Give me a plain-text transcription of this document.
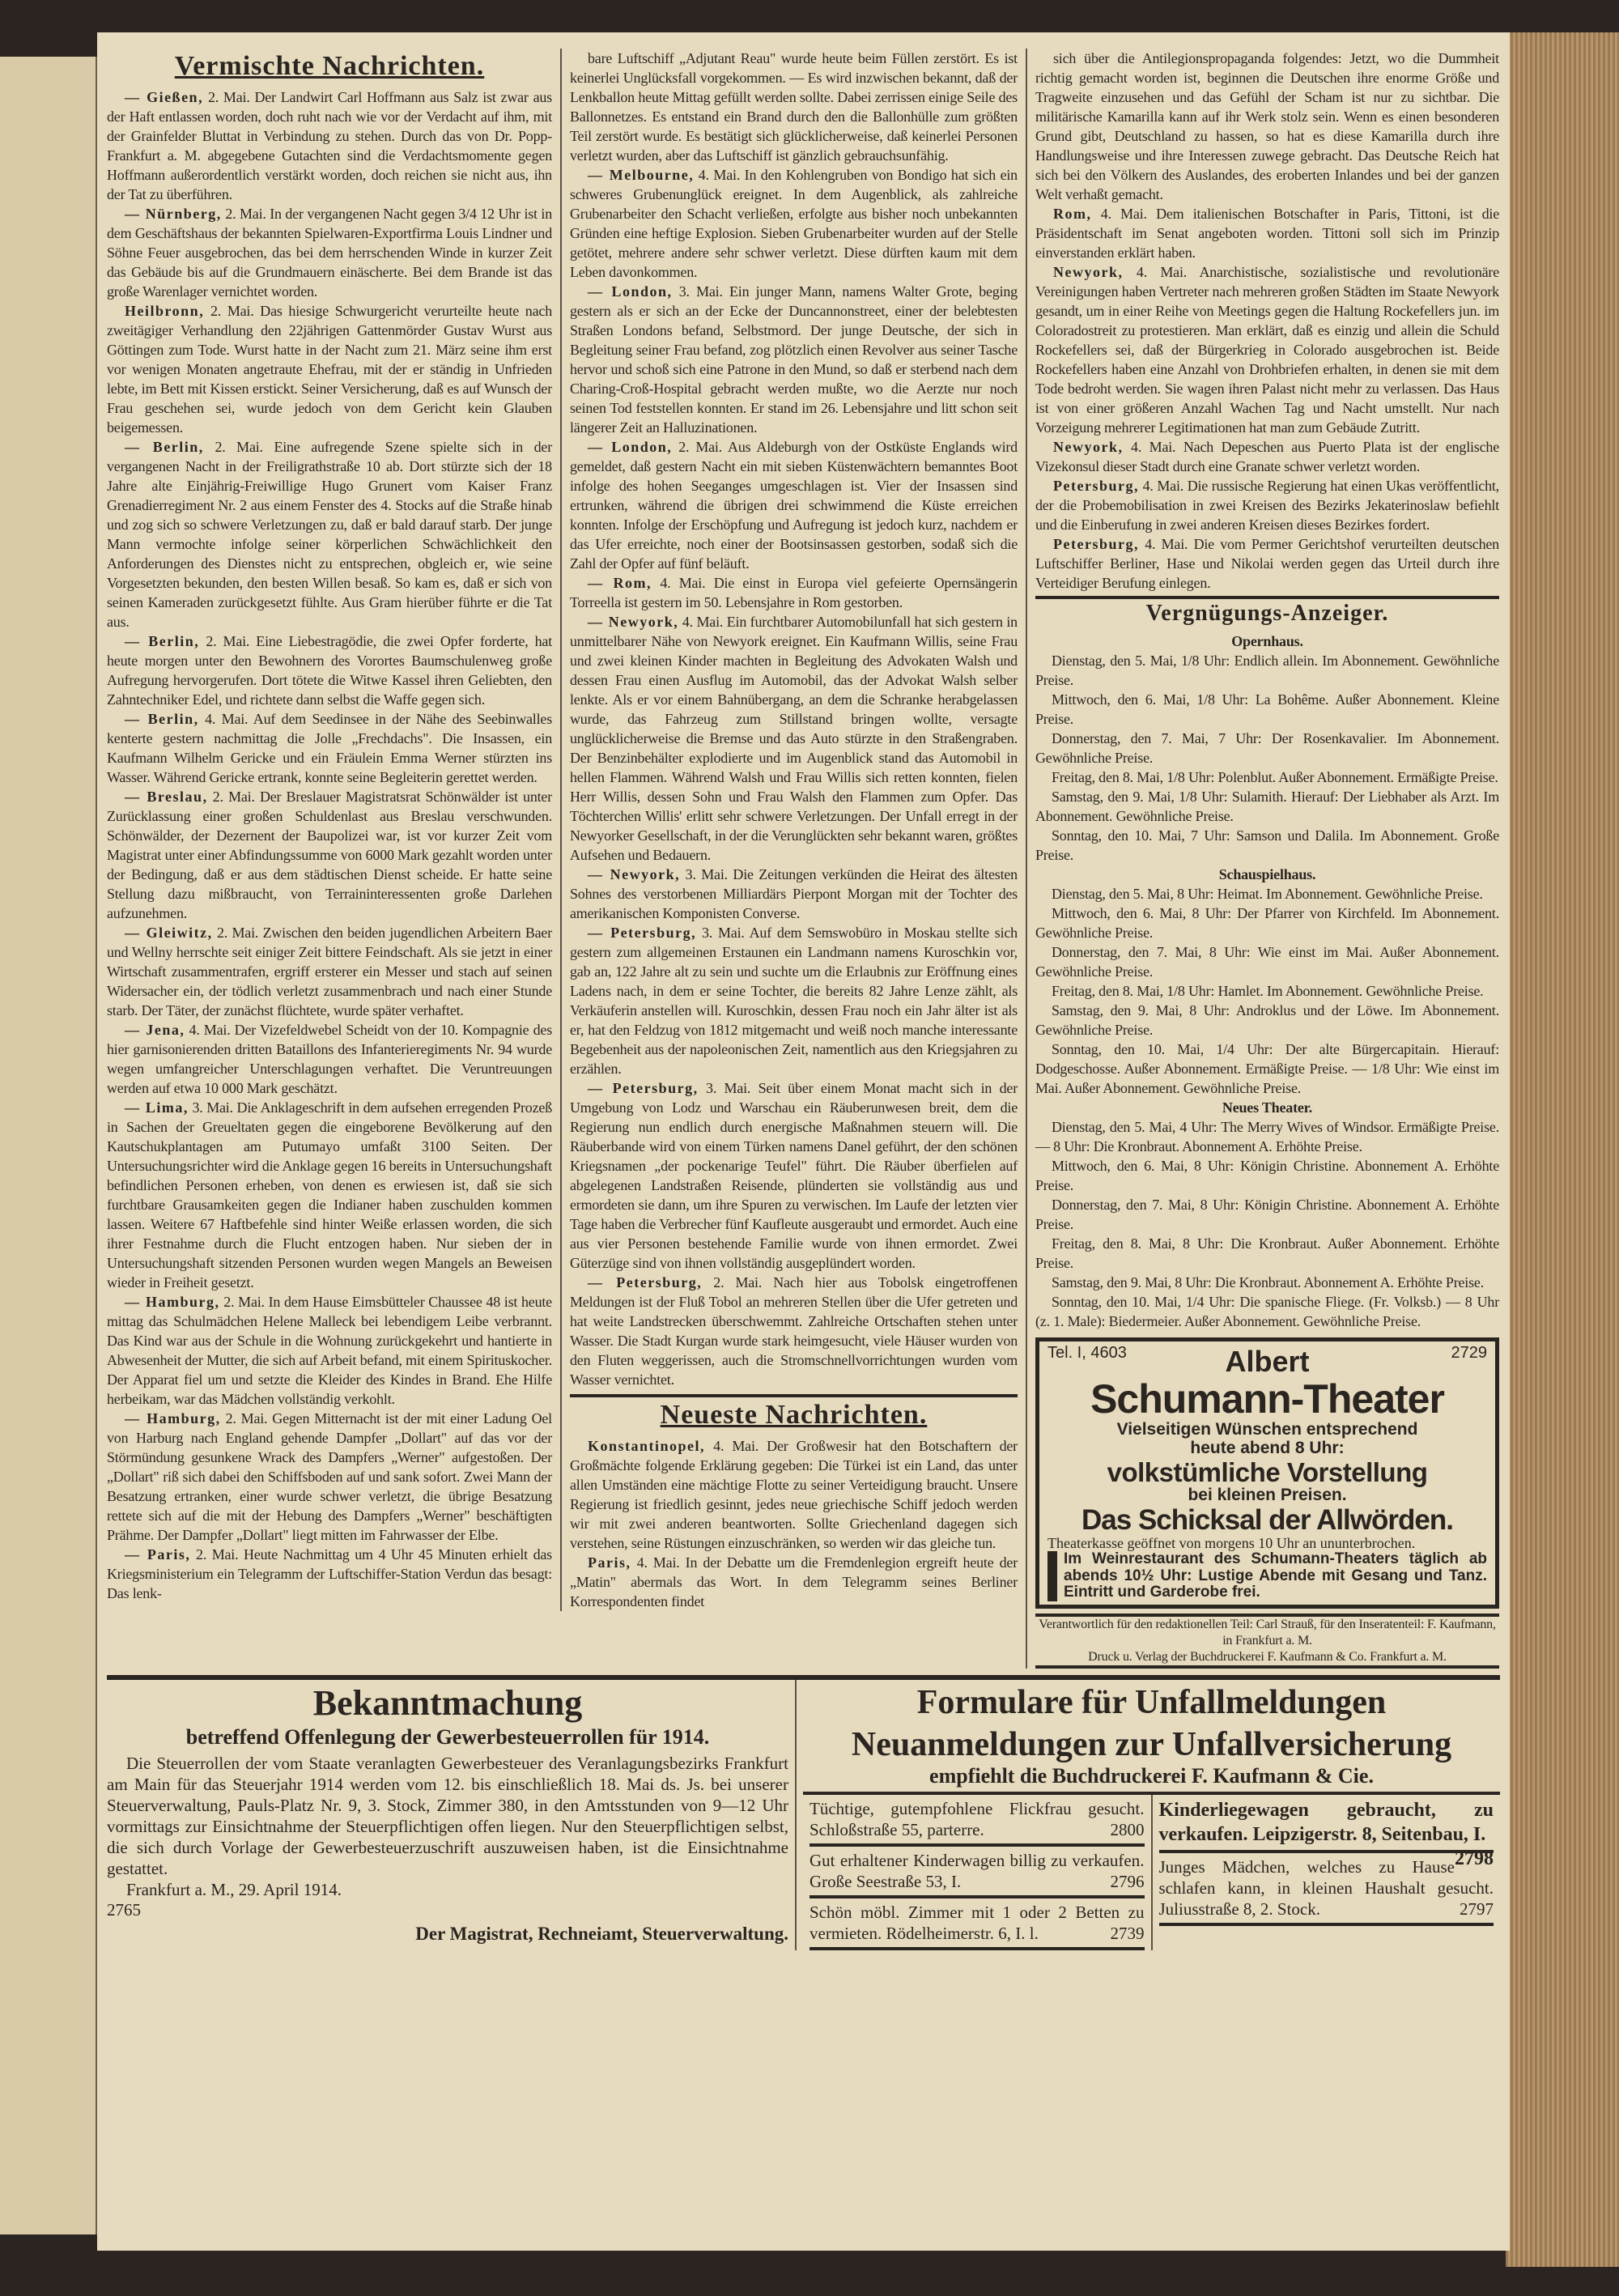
Vermischte Nachrichten.

— Gießen, 2. Mai. Der Landwirt Carl Hoffmann aus Salz ist zwar aus der Haft entlassen worden, doch ruht nach wie vor der Verdacht auf ihm, mit der Grainfelder Bluttat in Verbindung zu stehen. Durch das von Dr. Popp-Frankfurt a. M. abgegebene Gutachten sind die Verdachtsmomente gegen Hoffmann außerordentlich verstärkt worden, doch reichen sie nicht aus, ihn der Tat zu überführen.

— Nürnberg, 2. Mai. In der vergangenen Nacht gegen 3/4 12 Uhr ist in dem Geschäftshaus der bekannten Spielwaren-Exportfirma Louis Lindner und Söhne Feuer ausgebrochen, das bei dem herrschenden Winde in kurzer Zeit das Gebäude bis auf die Grundmauern einäscherte. Bei dem Brande ist das große Warenlager vernichtet worden.

Heilbronn, 2. Mai. Das hiesige Schwurgericht verurteilte heute nach zweitägiger Verhandlung den 22jährigen Gattenmörder Gustav Wurst aus Göttingen zum Tode. Wurst hatte in der Nacht zum 21. März seine ihm erst vor wenigen Monaten angetraute Ehefrau, mit der er ständig in Unfrieden lebte, im Bett mit Kissen erstickt. Seiner Versicherung, daß es auf Wunsch der Frau geschehen sei, wurde jedoch von dem Gericht kein Glauben beigemessen.

— Berlin, 2. Mai. Eine aufregende Szene spielte sich in der vergangenen Nacht in der Freiligrathstraße 10 ab. Dort stürzte sich der 18 Jahre alte Einjährig-Freiwillige Hugo Grunert vom Kaiser Franz Grenadierregiment Nr. 2 aus einem Fenster des 4. Stocks auf die Straße hinab und zog sich so schwere Verletzungen zu, daß er bald darauf starb. Der junge Mann vermochte infolge seiner körperlichen Schwächlichkeit den Anforderungen des Dienstes nicht zu entsprechen, obgleich er, wie seine Vorgesetzten bekunden, den besten Willen besaß. So kam es, daß er sich von seinen Kameraden zurückgesetzt fühlte. Aus Gram hierüber führte er die Tat aus.

— Berlin, 2. Mai. Eine Liebestragödie, die zwei Opfer forderte, hat heute morgen unter den Bewohnern des Vorortes Baumschulenweg große Aufregung hervorgerufen. Dort tötete die Witwe Kassel ihren Geliebten, den Zahntechniker Edel, und richtete dann selbst die Waffe gegen sich.

— Berlin, 4. Mai. Auf dem Seedinsee in der Nähe des Seebinwalles kenterte gestern nachmittag die Jolle „Frechdachs". Die Insassen, ein Kaufmann Wilhelm Gericke und ein Fräulein Emma Werner stürzten ins Wasser. Während Gericke ertrank, konnte seine Begleiterin gerettet werden.

— Breslau, 2. Mai. Der Breslauer Magistratsrat Schönwälder ist unter Zurücklassung einer großen Schuldenlast aus Breslau verschwunden. Schönwälder, der Dezernent der Baupolizei war, ist vor kurzer Zeit vom Magistrat unter einer Abfindungssumme von 6000 Mark gezahlt worden unter der Bedingung, daß er aus dem städtischen Dienst scheide. Er hatte seine Stellung dazu mißbraucht, von Terraininteressenten große Darlehen aufzunehmen.

— Gleiwitz, 2. Mai. Zwischen den beiden jugendlichen Arbeitern Baer und Wellny herrschte seit einiger Zeit bittere Feindschaft. Als sie jetzt in einer Wirtschaft zusammentrafen, ergriff ersterer ein Messer und stach auf seinen Widersacher ein, der tödlich verletzt zusammenbrach und nach einer Stunde starb. Der Täter, der zunächst flüchtete, wurde später verhaftet.

— Jena, 4. Mai. Der Vizefeldwebel Scheidt von der 10. Kompagnie des hier garnisonierenden dritten Bataillons des Infanterieregiments Nr. 94 wurde wegen umfangreicher Unterschlagungen verhaftet. Die Veruntreuungen werden auf etwa 10 000 Mark geschätzt.

— Lima, 3. Mai. Die Anklageschrift in dem aufsehen erregenden Prozeß in Sachen der Greueltaten gegen die eingeborene Bevölkerung auf den Kautschukplantagen am Putumayo umfaßt 3100 Seiten. Der Untersuchungsrichter wird die Anklage gegen 16 bereits in Untersuchungshaft befindlichen Personen erheben, von denen es erwiesen ist, daß sie sich furchtbare Grausamkeiten gegen die Indianer haben zuschulden kommen lassen. Weitere 67 Haftbefehle sind hinter Weiße erlassen worden, die sich ihrer Festnahme durch die Flucht entzogen haben. Nur sieben der in Untersuchungshaft sitzenden Personen wurden wegen Mangels an Beweisen wieder in Freiheit gesetzt.

— Hamburg, 2. Mai. In dem Hause Eimsbütteler Chaussee 48 ist heute mittag das Schulmädchen Helene Malleck bei lebendigem Leibe verbrannt. Das Kind war aus der Schule in die Wohnung zurückgekehrt und hantierte in Abwesenheit der Mutter, die sich auf Arbeit befand, mit einem Spirituskocher. Der Apparat fiel um und setzte die Kleider des Kindes in Brand. Ehe Hilfe herbeikam, war das Mädchen vollständig verkohlt.

— Hamburg, 2. Mai. Gegen Mitternacht ist der mit einer Ladung Oel von Harburg nach England gehende Dampfer „Dollart" auf das vor der Störmündung gesunkene Wrack des Dampfers „Werner" aufgestoßen. Der „Dollart" riß sich dabei den Schiffsboden auf und sank sofort. Zwei Mann der Besatzung ertranken, einer wurde schwer verletzt, die übrige Besatzung rettete sich auf die mit der Hebung des Dampfers „Werner" beschäftigten Prähme. Der Dampfer „Dollart" liegt mitten im Fahrwasser der Elbe.

— Paris, 2. Mai. Heute Nachmittag um 4 Uhr 45 Minuten erhielt das Kriegsministerium ein Telegramm der Luftschiffer-Station Verdun das besagt: Das lenk-

bare Luftschiff „Adjutant Reau" wurde heute beim Füllen zerstört. Es ist keinerlei Unglücksfall vorgekommen. — Es wird inzwischen bekannt, daß der Lenkballon heute Mittag gefüllt werden sollte. Dabei zerrissen einige Seile des Ballonnetzes. Es entstand ein Brand durch den die Ballonhülle zum größten Teil zerstört wurde. Es bestätigt sich glücklicherweise, daß keinerlei Personen verletzt wurden, aber das Luftschiff ist gänzlich gebrauchsunfähig.

— Melbourne, 4. Mai. In den Kohlengruben von Bondigo hat sich ein schweres Grubenunglück ereignet. In dem Augenblick, als zahlreiche Grubenarbeiter den Schacht verließen, erfolgte aus bisher noch unbekannten Gründen eine heftige Explosion. Sieben Grubenarbeiter wurden auf der Stelle getötet, mehrere andere sehr schwer verletzt. Diese dürften kaum mit dem Leben davonkommen.

— London, 3. Mai. Ein junger Mann, namens Walter Grote, beging gestern als er sich an der Ecke der Duncannonstreet, einer der belebtesten Straßen Londons befand, Selbstmord. Der junge Deutsche, der sich in Begleitung seiner Frau befand, zog plötzlich einen Revolver aus seiner Tasche hervor und schoß sich eine Patrone in den Mund, so daß er sterbend nach dem Charing-Croß-Hospital gebracht werden mußte, wo die Aerzte nur noch seinen Tod feststellen konnten. Er stand im 26. Lebensjahre und litt schon seit längerer Zeit an Halluzinationen.

— London, 2. Mai. Aus Aldeburgh von der Ostküste Englands wird gemeldet, daß gestern Nacht ein mit sieben Küstenwächtern bemanntes Boot infolge des hohen Seeganges umgeschlagen ist. Vier der Insassen sind ertrunken, während die übrigen drei schwimmend die Küste erreichen konnten. Infolge der Erschöpfung und Aufregung ist jedoch kurz, nachdem er das Ufer erreichte, noch einer der Bootsinsassen gestorben, sodaß sich die Zahl der Opfer auf fünf beläuft.

— Rom, 4. Mai. Die einst in Europa viel gefeierte Opernsängerin Torreella ist gestern im 50. Lebensjahre in Rom gestorben.

— Newyork, 4. Mai. Ein furchtbarer Automobilunfall hat sich gestern in unmittelbarer Nähe von Newyork ereignet. Ein Kaufmann Willis, seine Frau und zwei kleinen Kinder machten in Begleitung des Advokaten Walsh und dessen Frau einen Ausflug im Automobil, das der Advokat Walsh selber lenkte. Als er vor einem Bahnübergang, an dem die Schranke herabgelassen wurde, das Fahrzeug zum Stillstand bringen wollte, versagte unglücklicherweise die Bremse und das Auto stürzte in den Straßengraben. Der Benzinbehälter explodierte und im Augenblick stand das Automobil in hellen Flammen. Während Walsh und Frau Willis sich retten konnten, fielen Herr Willis, dessen Sohn und Frau Walsh den Flammen zum Opfer. Das Töchterchen Willis' erlitt sehr schwere Verletzungen. Der Unfall erregt in der Newyorker Gesellschaft, in der die Verunglückten sehr bekannt waren, größtes Aufsehen und Bedauern.

— Newyork, 3. Mai. Die Zeitungen verkünden die Heirat des ältesten Sohnes des verstorbenen Milliardärs Pierpont Morgan mit der Tochter des amerikanischen Komponisten Converse.

— Petersburg, 3. Mai. Auf dem Semswobüro in Moskau stellte sich gestern zum allgemeinen Erstaunen ein Landmann namens Kuroschkin vor, gab an, 122 Jahre alt zu sein und suchte um die Erlaubnis zur Eröffnung eines Ladens nach, in dem er seine Tochter, die bereits 82 Jahre Lenze zählt, als Verkäuferin anstellen will. Kuroschkin, dessen Frau noch ein Jahr älter ist als er, hat den Feldzug von 1812 mitgemacht und weiß noch manche interessante Begebenheit aus der napoleonischen Zeit, namentlich aus den Kriegsjahren zu erzählen.

— Petersburg, 3. Mai. Seit über einem Monat macht sich in der Umgebung von Lodz und Warschau ein Räuberunwesen breit, dem die Regierung nun endlich durch energische Maßnahmen steuern will. Die Räuberbande wird von einem Türken namens Danel geführt, der den schönen Kriegsnamen „der pockenarige Teufel" führt. Die Räuber überfielen auf abgelegenen Landstraßen Reisende, plünderten sie vollständig aus und ermordeten sie dann, um ihre Spuren zu verwischen. Im Laufe der letzten vier Tage haben die Verbrecher fünf Kaufleute ausgeraubt und ermordet. Auch eine aus vier Personen bestehende Familie wurde von ihnen ermordet. Zwei Güterzüge sind von ihnen vollständig ausgeplündert worden.

— Petersburg, 2. Mai. Nach hier aus Tobolsk eingetroffenen Meldungen ist der Fluß Tobol an mehreren Stellen über die Ufer getreten und hat weite Landstrecken überschwemmt. Zahlreiche Ortschaften stehen unter Wasser. Die Stadt Kurgan wurde stark heimgesucht, viele Häuser wurden von den Fluten weggerissen, auch die Stromschnellvorrichtungen wurden vom Wasser vernichtet.

Neueste Nachrichten.

Konstantinopel, 4. Mai. Der Großwesir hat den Botschaftern der Großmächte folgende Erklärung gegeben: Die Türkei ist ein Land, das unter allen Umständen eine mächtige Flotte zu seiner Verteidigung braucht. Unsere Regierung ist friedlich gesinnt, jedes neue griechische Schiff jedoch werden wir mit zwei anderen beantworten. Sollte Griechenland dagegen sich verstehen, seine Rüstungen einzuschränken, so werden wir das gleiche tun.

Paris, 4. Mai. In der Debatte um die Fremdenlegion ergreift heute der „Matin" abermals das Wort. In dem Telegramm seines Berliner Korrespondenten findet

sich über die Antilegionspropaganda folgendes: Jetzt, wo die Dummheit richtig gemacht worden ist, beginnen die Deutschen ihre enorme Größe und Tragweite einzusehen und das Gefühl der Scham ist nur zu sichtbar. Die militärische Kamarilla kann auf ihr Werk stolz sein. Wenn es einen besonderen Grund gibt, Deutschland zu hassen, so hat es diese Kamarilla durch ihre Handlungsweise und ihre Interessen zuwege gebracht. Das Deutsche Reich hat sich bei den Völkern des Auslandes, des eroberten Inlandes und bei der ganzen Welt verhaßt gemacht.

Rom, 4. Mai. Dem italienischen Botschafter in Paris, Tittoni, ist die Präsidentschaft im Senat angeboten worden. Tittoni soll sich im Prinzip einverstanden erklärt haben.

Newyork, 4. Mai. Anarchistische, sozialistische und revolutionäre Vereinigungen haben Vertreter nach mehreren großen Städten im Staate Newyork gesandt, um in einer Reihe von Meetings gegen die Haltung Rockefellers jun. im Coloradostreit zu protestieren. Man erklärt, daß es einzig und allein die Schuld Rockefellers sei, daß der Bürgerkrieg in Colorado ausgebrochen ist. Beide Rockefellers haben eine Anzahl von Drohbriefen erhalten, in denen sie mit dem Tode bedroht werden. Sie wagen ihren Palast nicht mehr zu verlassen. Das Haus ist von einer größeren Anzahl Wachen Tag und Nacht umstellt. Nur nach Vorzeigung mehrerer Legitimationen hat man zum Gebäude Zutritt.

Newyork, 4. Mai. Nach Depeschen aus Puerto Plata ist der englische Vizekonsul dieser Stadt durch eine Granate schwer verletzt worden.

Petersburg, 4. Mai. Die russische Regierung hat einen Ukas veröffentlicht, der die Probemobilisation in zwei Kreisen des Bezirks Jekaterinoslaw befiehlt und die Einberufung in zwei anderen Kreisen dieses Bezirkes fordert.

Petersburg, 4. Mai. Die vom Permer Gerichtshof verurteilten deutschen Luftschiffer Berliner, Hase und Nikolai werden gegen das Urteil durch ihre Verteidiger Berufung einlegen.

Vergnügungs-Anzeiger.

Opernhaus.

Dienstag, den 5. Mai, 1/8 Uhr: Endlich allein. Im Abonnement. Gewöhnliche Preise.

Mittwoch, den 6. Mai, 1/8 Uhr: La Bohême. Außer Abonnement. Kleine Preise.

Donnerstag, den 7. Mai, 7 Uhr: Der Rosenkavalier. Im Abonnement. Gewöhnliche Preise.

Freitag, den 8. Mai, 1/8 Uhr: Polenblut. Außer Abonnement. Ermäßigte Preise.

Samstag, den 9. Mai, 1/8 Uhr: Sulamith. Hierauf: Der Liebhaber als Arzt. Im Abonnement. Gewöhnliche Preise.

Sonntag, den 10. Mai, 7 Uhr: Samson und Dalila. Im Abonnement. Große Preise.

Schauspielhaus.

Dienstag, den 5. Mai, 8 Uhr: Heimat. Im Abonnement. Gewöhnliche Preise.

Mittwoch, den 6. Mai, 8 Uhr: Der Pfarrer von Kirchfeld. Im Abonnement. Gewöhnliche Preise.

Donnerstag, den 7. Mai, 8 Uhr: Wie einst im Mai. Außer Abonnement. Gewöhnliche Preise.

Freitag, den 8. Mai, 1/8 Uhr: Hamlet. Im Abonnement. Gewöhnliche Preise.

Samstag, den 9. Mai, 8 Uhr: Androklus und der Löwe. Im Abonnement. Gewöhnliche Preise.

Sonntag, den 10. Mai, 1/4 Uhr: Der alte Bürgercapitain. Hierauf: Dodgeschosse. Außer Abonnement. Ermäßigte Preise. — 1/8 Uhr: Wie einst im Mai. Außer Abonnement. Gewöhnliche Preise.

Neues Theater.

Dienstag, den 5. Mai, 4 Uhr: The Merry Wives of Windsor. Ermäßigte Preise. — 8 Uhr: Die Kronbraut. Abonnement A. Erhöhte Preise.

Mittwoch, den 6. Mai, 8 Uhr: Königin Christine. Abonnement A. Erhöhte Preise.

Donnerstag, den 7. Mai, 8 Uhr: Königin Christine. Abonnement A. Erhöhte Preise.

Freitag, den 8. Mai, 8 Uhr: Die Kronbraut. Außer Abonnement. Erhöhte Preise.

Samstag, den 9. Mai, 8 Uhr: Die Kronbraut. Abonnement A. Erhöhte Preise.

Sonntag, den 10. Mai, 1/4 Uhr: Die spanische Fliege. (Fr. Volksb.) — 8 Uhr (z. 1. Male): Biedermeier. Außer Abonnement. Gewöhnliche Preise.

Tel. I, 4603	2729
Albert
Schumann-Theater
Vielseitigen Wünschen entsprechend
heute abend 8 Uhr:
volkstümliche Vorstellung
bei kleinen Preisen.
Das Schicksal der Allwörden.
Theaterkasse geöffnet von morgens 10 Uhr an ununterbrochen.
Im Weinrestaurant des Schumann-Theaters täglich ab abends 10½ Uhr: Lustige Abende mit Gesang und Tanz. Eintritt und Garderobe frei.
Verantwortlich für den redaktionellen Teil: Carl Strauß, für den Inseratenteil: F. Kaufmann, in Frankfurt a. M.
Druck u. Verlag der Buchdruckerei F. Kaufmann & Co. Frankfurt a. M.
Bekanntmachung
betreffend Offenlegung der Gewerbesteuerrollen für 1914.

Die Steuerrollen der vom Staate veranlagten Gewerbesteuer des Veranlagungsbezirks Frankfurt am Main für das Steuerjahr 1914 werden vom 12. bis einschließlich 18. Mai ds. Js. bei unserer Steuerverwaltung, Pauls-Platz Nr. 9, 3. Stock, Zimmer 380, in den Amtsstunden von 9—12 Uhr vormittags zur Einsichtnahme der Steuerpflichtigen offen liegen. Nur den Steuerpflichtigen selbst, die sich durch Vorlage der Gewerbesteuerzuschrift auszuweisen haben, ist die Einsichtnahme gestattet.

Frankfurt a. M., 29. April 1914.

2765
Der Magistrat, Rechneiamt, Steuerverwaltung.
Formulare für Unfallmeldungen
Neuanmeldungen zur Unfallversicherung
empfiehlt die Buchdruckerei F. Kaufmann & Cie.
Tüchtige, gutempfohlene Flickfrau gesucht. Schloßstraße 55, parterre.	2800
Gut erhaltener Kinderwagen billig zu verkaufen. Große Seestraße 53, I.	2796
Schön möbl. Zimmer mit 1 oder 2 Betten zu vermieten. Rödelheimerstr. 6, I. l.	2739
Kinderliegewagen gebraucht, zu verkaufen. Leipzigerstr. 8, Seitenbau, I.
2798
Junges Mädchen, welches zu Hause schlafen kann, in kleinen Haushalt gesucht. Juliusstraße 8, 2. Stock.	2797
